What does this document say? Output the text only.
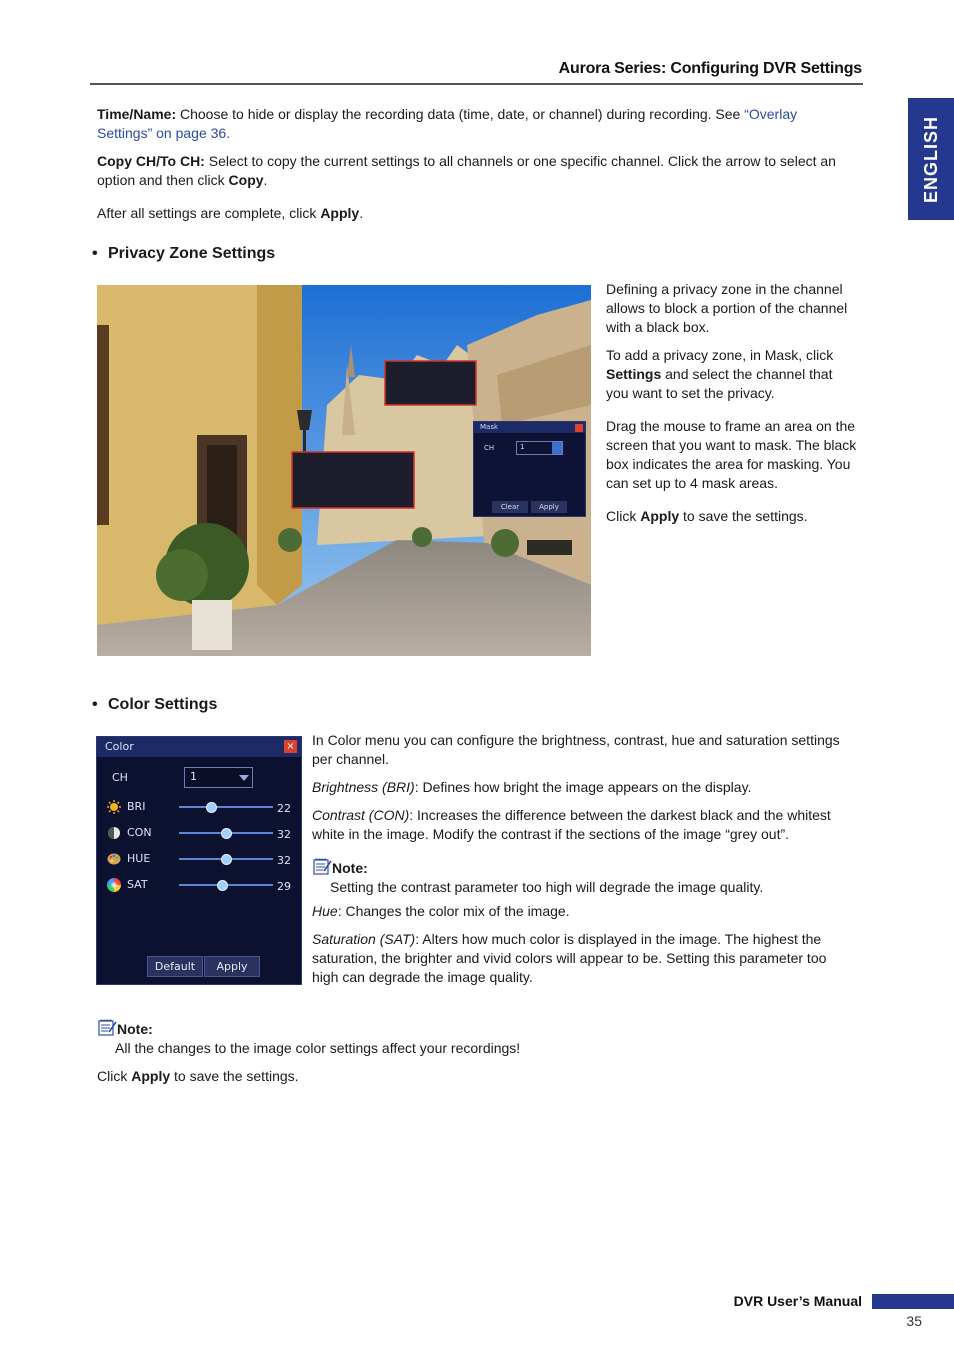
Aurora Series: Configuring DVR Settings
ENGLISH
Time/Name: Choose to hide or display the recording data (time, date, or channel) during recording. See “Overlay
Settings” on page 36.
Copy CH/To CH: Select to copy the current settings to all channels or one specific channel. Click the arrow to select an option and then click Copy.
After all settings are complete, click Apply.
• Privacy Zone Settings
Mask
CH	1
Clear	Apply

Defining a privacy zone in the channel allows to block a portion of the channel with a black box.

To add a privacy zone, in Mask, click Settings and select the channel that you want to set the privacy.

Drag the mouse to frame an area on the screen that you want to mask. The black box indicates the area for masking. You can set up to 4 mask areas.

Click Apply to save the settings.

• Color Settings
Color	×
CH	1
BRI	22
CON	32
HUE	32
SAT	29
Default	Apply

In Color menu you can configure the brightness, contrast, hue and saturation settings per channel.

Brightness (BRI): Defines how bright the image appears on the display.

Contrast (CON): Increases the difference between the darkest black and the whitest white in the image. Modify the contrast if the sections of the image “grey out”.

Note:

Setting the contrast parameter too high will degrade the image quality.

Hue: Changes the color mix of the image.

Saturation (SAT): Alters how much color is displayed in the image. The highest the saturation, the brighter and vivid colors will appear to be. Setting this parameter too high can degrade the image quality.

Note:

All the changes to the image color settings affect your recordings!

Click Apply to save the settings.

DVR User’s Manual
35
